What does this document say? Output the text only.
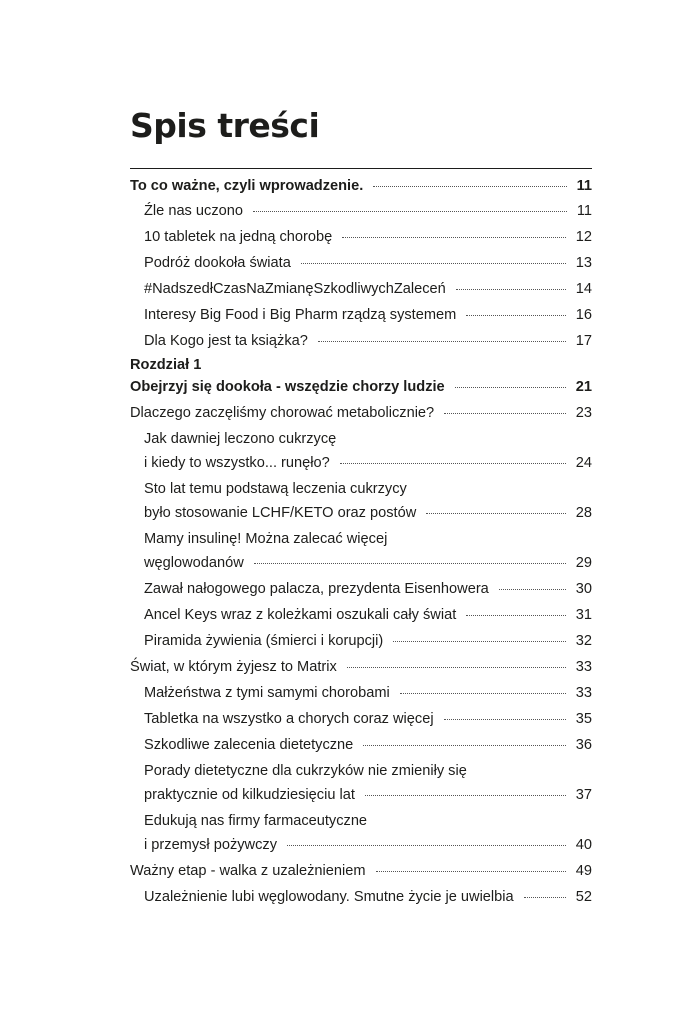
Spis treści
To co ważne, czyli wprowadzenie.	11
Źle nas uczono	11
10 tabletek na jedną chorobę	12
Podróż dookoła świata	13
#NadszedłCzasNaZmianęSzkodliwychZaleceń	14
Interesy Big Food i Big Pharm rządzą systemem	16
Dla Kogo jest ta książka?	17
Rozdział 1
Obejrzyj się dookoła - wszędzie chorzy ludzie	21
Dlaczego zaczęliśmy chorować metabolicznie?	23
Jak dawniej leczono cukrzycę
i kiedy to wszystko... runęło?	24
Sto lat temu podstawą leczenia cukrzycy
było stosowanie LCHF/KETO oraz postów	28
Mamy insulinę! Można zalecać więcej
węglowodanów	29
Zawał nałogowego palacza, prezydenta Eisenhowera	30
Ancel Keys wraz z koleżkami oszukali cały świat	31
Piramida żywienia (śmierci i korupcji)	32
Świat, w którym żyjesz to Matrix	33
Małżeństwa z tymi samymi chorobami	33
Tabletka na wszystko a chorych coraz więcej	35
Szkodliwe zalecenia dietetyczne	36
Porady dietetyczne dla cukrzyków nie zmieniły się
praktycznie od kilkudziesięciu lat	37
Edukują nas firmy farmaceutyczne
i przemysł pożywczy	40
Ważny etap - walka z uzależnieniem	49
Uzależnienie lubi węglowodany. Smutne życie je uwielbia	52
